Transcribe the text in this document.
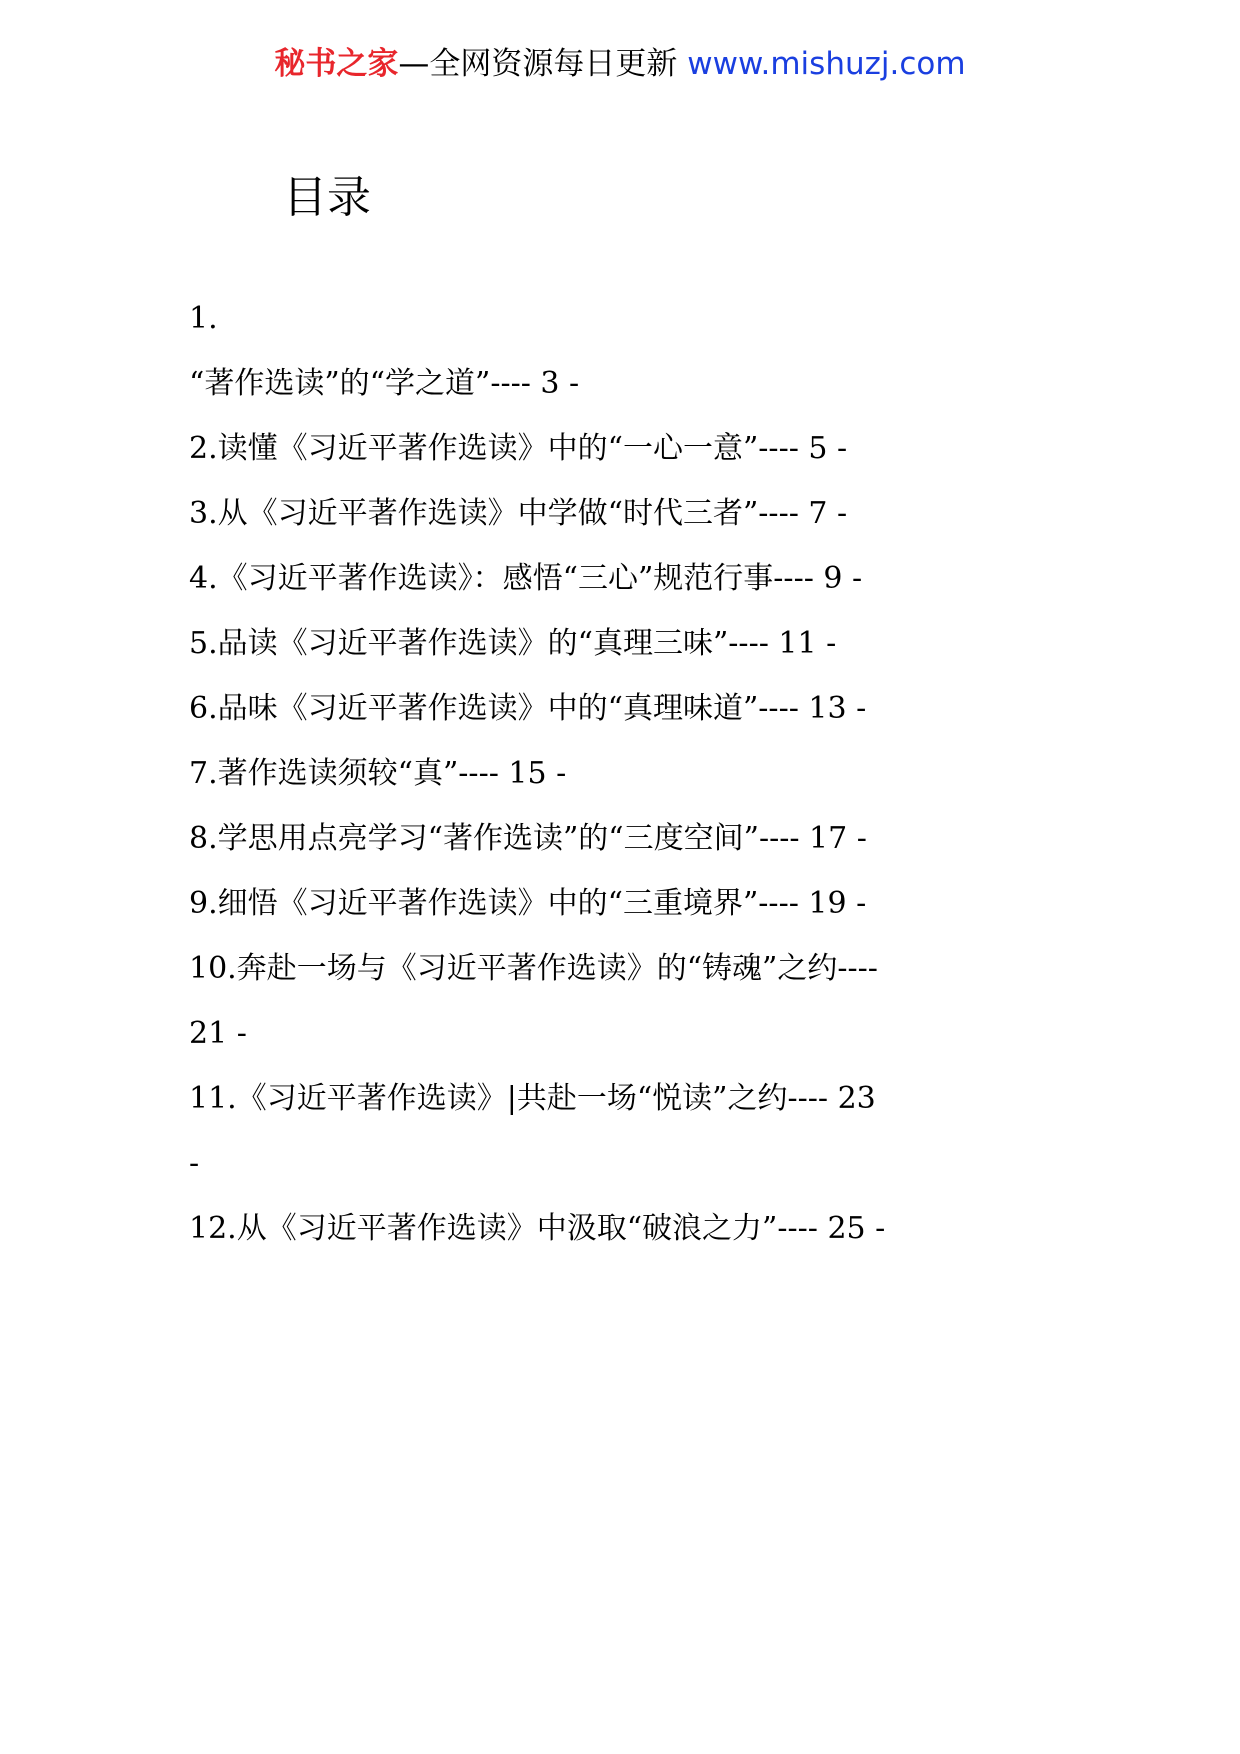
秘书之家—全网资源每日更新 www.mishuzj.com
目录
1.
“著作选读”的“学之道”---- 3 -
2.读懂《习近平著作选读》中的“一心一意”---- 5 -
3.从《习近平著作选读》中学做“时代三者”---- 7 -
4.《习近平著作选读》：感悟“三心”规范行事---- 9 -
5.品读《习近平著作选读》的“真理三味”---- 11 -
6.品味《习近平著作选读》中的“真理味道”---- 13 -
7.著作选读须较“真”---- 15 -
8.学思用点亮学习“著作选读”的“三度空间”---- 17 -
9.细悟《习近平著作选读》中的“三重境界”---- 19 -
10.奔赴一场与《习近平著作选读》的“铸魂”之约----
21 -
11.《习近平著作选读》|共赴一场“悦读”之约---- 23
-
12.从《习近平著作选读》中汲取“破浪之力”---- 25 -
